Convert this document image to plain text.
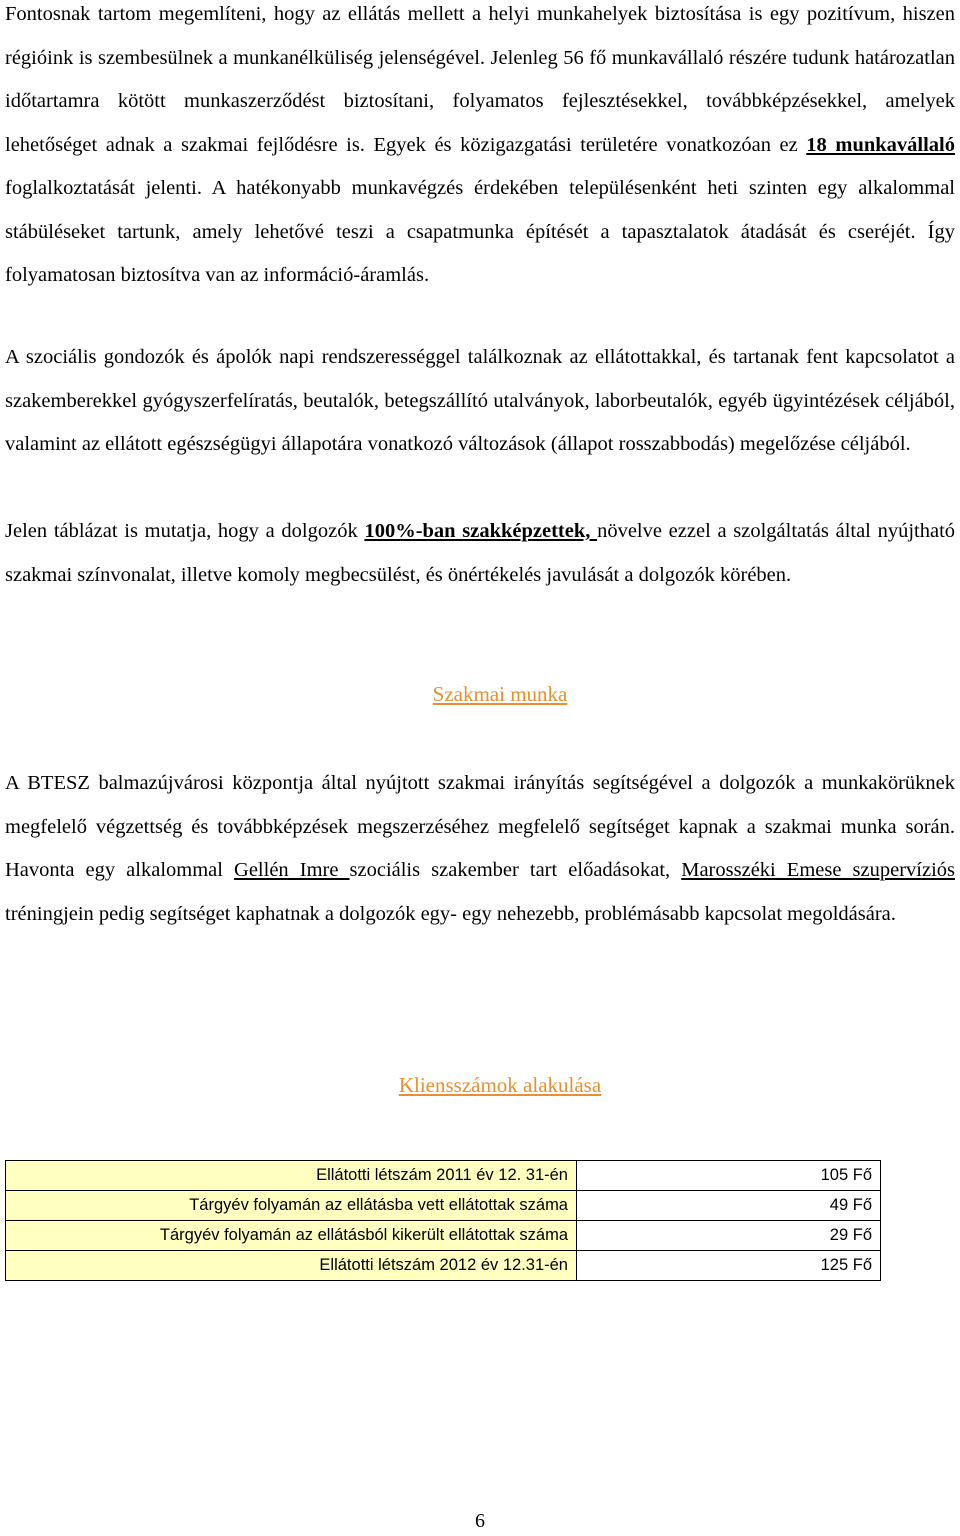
Fontosnak tartom megemlíteni, hogy az ellátás mellett a helyi munkahelyek biztosítása is egy pozitívum, hiszen régióink is szembesülnek a munkanélküliség jelenségével. Jelenleg 56 fő munkavállaló részére tudunk határozatlan időtartamra kötött munkaszerződést biztosítani, folyamatos fejlesztésekkel, továbbképzésekkel, amelyek lehetőséget adnak a szakmai fejlődésre is. Egyek és közigazgatási területére vonatkozóan ez 18 munkavállaló foglalkoztatását jelenti. A hatékonyabb munkavégzés érdekében településenként heti szinten egy alkalommal stábüléseket tartunk, amely lehetővé teszi a csapatmunka építését a tapasztalatok átadását és cseréjét. Így folyamatosan biztosítva van az információ-áramlás.

A szociális gondozók és ápolók napi rendszerességgel találkoznak az ellátottakkal, és tartanak fent kapcsolatot a szakemberekkel gyógyszerfelíratás, beutalók, betegszállító utalványok, laborbeutalók, egyéb ügyintézések céljából, valamint az ellátott egészségügyi állapotára vonatkozó változások (állapot rosszabbodás) megelőzése céljából.

Jelen táblázat is mutatja, hogy a dolgozók 100%-ban szakképzettek, növelve ezzel a szolgáltatás által nyújtható szakmai színvonalat, illetve komoly megbecsülést, és önértékelés javulását a dolgozók körében.

Szakmai munka

A BTESZ balmazújvárosi központja által nyújtott szakmai irányítás segítségével a dolgozók a munkakörüknek megfelelő végzettség és továbbképzések megszerzéséhez megfelelő segítséget kapnak a szakmai munka során. Havonta egy alkalommal Gellén Imre szociális szakember tart előadásokat, Marosszéki Emese szupervíziós tréningjein pedig segítséget kaphatnak a dolgozók egy- egy nehezebb, problémásabb kapcsolat megoldására.

Kliensszámok alakulása

Ellátotti létszám 2011 év 12. 31-én	105 Fő
Tárgyév folyamán az ellátásba vett ellátottak száma	49 Fő
Tárgyév folyamán az ellátásból kikerült ellátottak száma	29 Fő
Ellátotti létszám 2012 év 12.31-én	125 Fő
6
